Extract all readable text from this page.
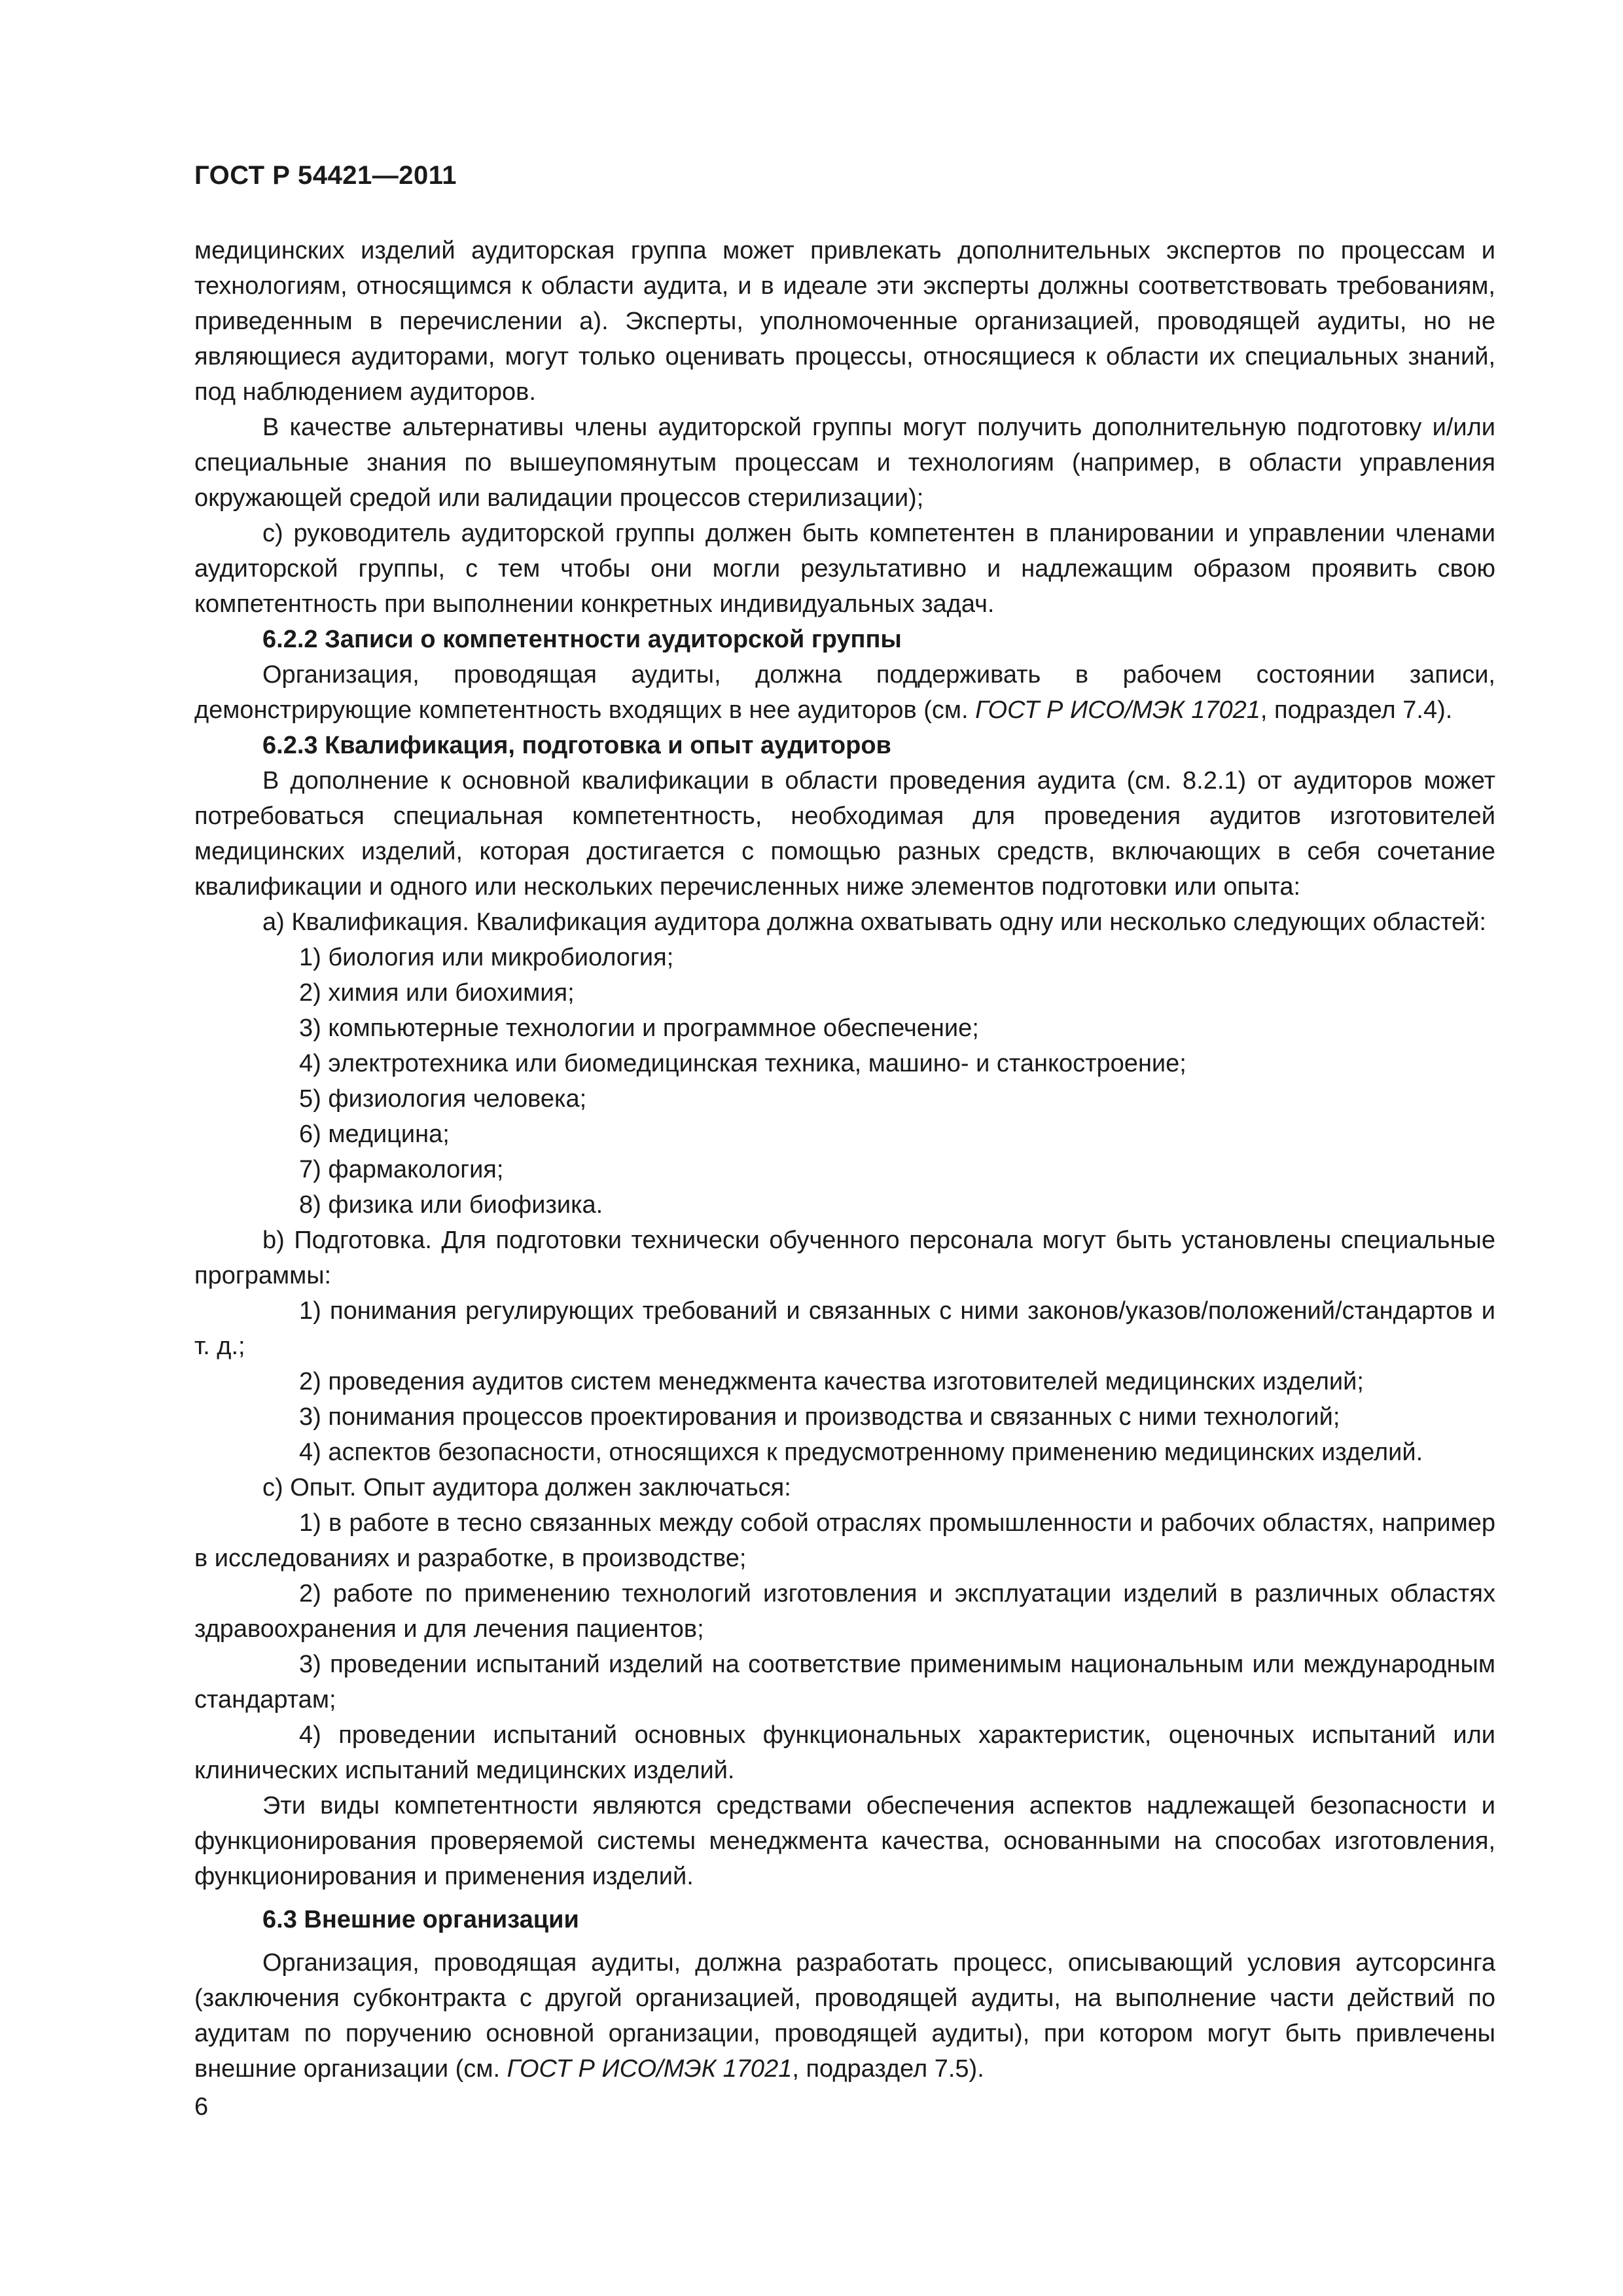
ГОСТ Р 54421—2011

медицинских изделий аудиторская группа может привлекать дополнительных экспертов по процессам и технологиям, относящимся к области аудита, и в идеале эти эксперты должны соответствовать требованиям, приведенным в перечислении а). Эксперты, уполномоченные организацией, проводящей аудиты, но не являющиеся аудиторами, могут только оценивать процессы, относящиеся к области их специальных знаний, под наблюдением аудиторов.

В качестве альтернативы члены аудиторской группы могут получить дополнительную подготовку и/или специальные знания по вышеупомянутым процессам и технологиям (например, в области управления окружающей средой или валидации процессов стерилизации);

с) руководитель аудиторской группы должен быть компетентен в планировании и управлении членами аудиторской группы, с тем чтобы они могли результативно и надлежащим образом проявить свою компетентность при выполнении конкретных индивидуальных задач.

6.2.2 Записи о компетентности аудиторской группы

Организация, проводящая аудиты, должна поддерживать в рабочем состоянии записи, демонстрирующие компетентность входящих в нее аудиторов (см. ГОСТ Р ИСО/МЭК 17021, подраздел 7.4).

6.2.3 Квалификация, подготовка и опыт аудиторов

В дополнение к основной квалификации в области проведения аудита (см. 8.2.1) от аудиторов может потребоваться специальная компетентность, необходимая для проведения аудитов изготовителей медицинских изделий, которая достигается с помощью разных средств, включающих в себя сочетание квалификации и одного или нескольких перечисленных ниже элементов подготовки или опыта:

а) Квалификация. Квалификация аудитора должна охватывать одну или несколько следующих областей:

1) биология или микробиология;

2) химия или биохимия;

3) компьютерные технологии и программное обеспечение;

4) электротехника или биомедицинская техника, машино- и станкостроение;

5) физиология человека;

6) медицина;

7) фармакология;

8) физика или биофизика.

b) Подготовка. Для подготовки технически обученного персонала могут быть установлены специальные программы:

1) понимания регулирующих требований и связанных с ними законов/указов/положений/стандартов и т. д.;

2) проведения аудитов систем менеджмента качества изготовителей медицинских изделий;

3) понимания процессов проектирования и производства и связанных с ними технологий;

4) аспектов безопасности, относящихся к предусмотренному применению медицинских изделий.

с) Опыт. Опыт аудитора должен заключаться:

1) в работе в тесно связанных между собой отраслях промышленности и рабочих областях, например в исследованиях и разработке, в производстве;

2) работе по применению технологий изготовления и эксплуатации изделий в различных областях здравоохранения и для лечения пациентов;

3) проведении испытаний изделий на соответствие применимым национальным или международным стандартам;

4) проведении испытаний основных функциональных характеристик, оценочных испытаний или клинических испытаний медицинских изделий.

Эти виды компетентности являются средствами обеспечения аспектов надлежащей безопасности и функционирования проверяемой системы менеджмента качества, основанными на способах изготовления, функционирования и применения изделий.

6.3 Внешние организации

Организация, проводящая аудиты, должна разработать процесс, описывающий условия аутсорсинга (заключения субконтракта с другой организацией, проводящей аудиты, на выполнение части действий по аудитам по поручению основной организации, проводящей аудиты), при котором могут быть привлечены внешние организации (см. ГОСТ Р ИСО/МЭК 17021, подраздел 7.5).

6
